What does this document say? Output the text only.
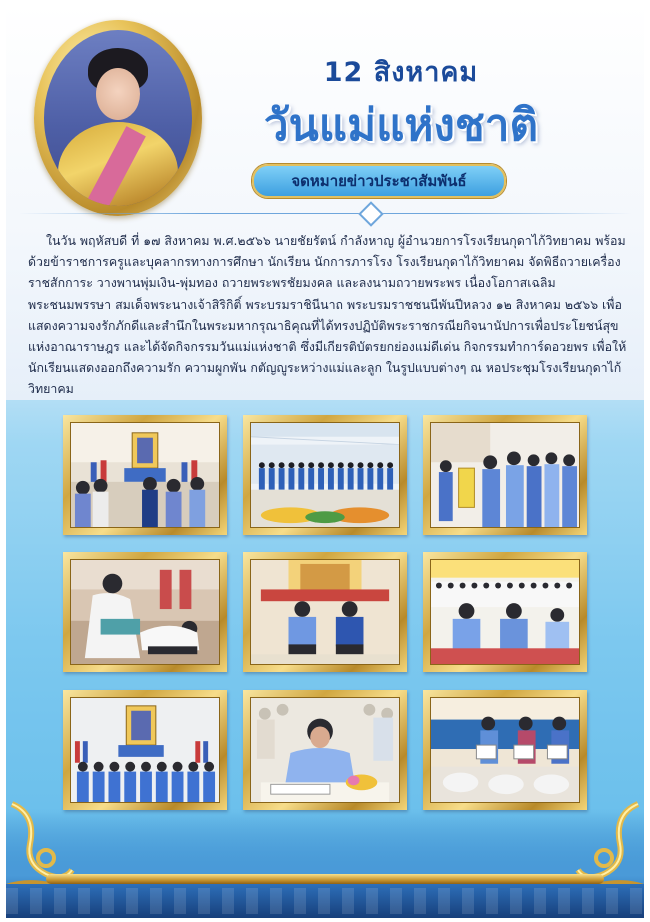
12 สิงหาคม
วันแม่แห่งชาติ
จดหมายข่าวประชาสัมพันธ์
ในวัน พฤหัสบดี ที่ ๑๗ สิงหาคม พ.ศ.๒๕๖๖ นายชัยรัตน์ กำลังหาญ ผู้อำนวยการโรงเรียนกุดาไก้วิทยาคม พร้อมด้วยข้าราชการครูและบุคลากรทางการศึกษา นักเรียน นักการภารโรง โรงเรียนกุดาไก้วิทยาคม จัดพิธีถวายเครื่องราชสักการะ วางพานพุ่มเงิน-พุ่มทอง ถวายพระพรชัยมงคล และลงนามถวายพระพร เนื่องโอกาสเฉลิมพระชนมพรรษา สมเด็จพระนางเจ้าสิริกิติ์ พระบรมราชินีนาถ พระบรมราชชนนีพันปีหลวง ๑๒ สิงหาคม ๒๕๖๖ เพื่อแสดงความจงรักภักดีและสำนึกในพระมหากรุณาธิคุณที่ได้ทรงปฏิบัติพระราชกรณียกิจนานัปการเพื่อประโยชน์สุขแห่งอาณาราษฎร และได้จัดกิจกรรมวันแม่แห่งชาติ ซึ่งมีเกียรติบัตรยกย่องแม่ดีเด่น กิจกรรมทำการ์ดอวยพร เพื่อให้นักเรียนแสดงออกถึงความรัก ความผูกพัน กตัญญูระหว่างแม่และลูก ในรูปแบบต่างๆ ณ หอประชุมโรงเรียนกุดาไก้วิทยาคม
